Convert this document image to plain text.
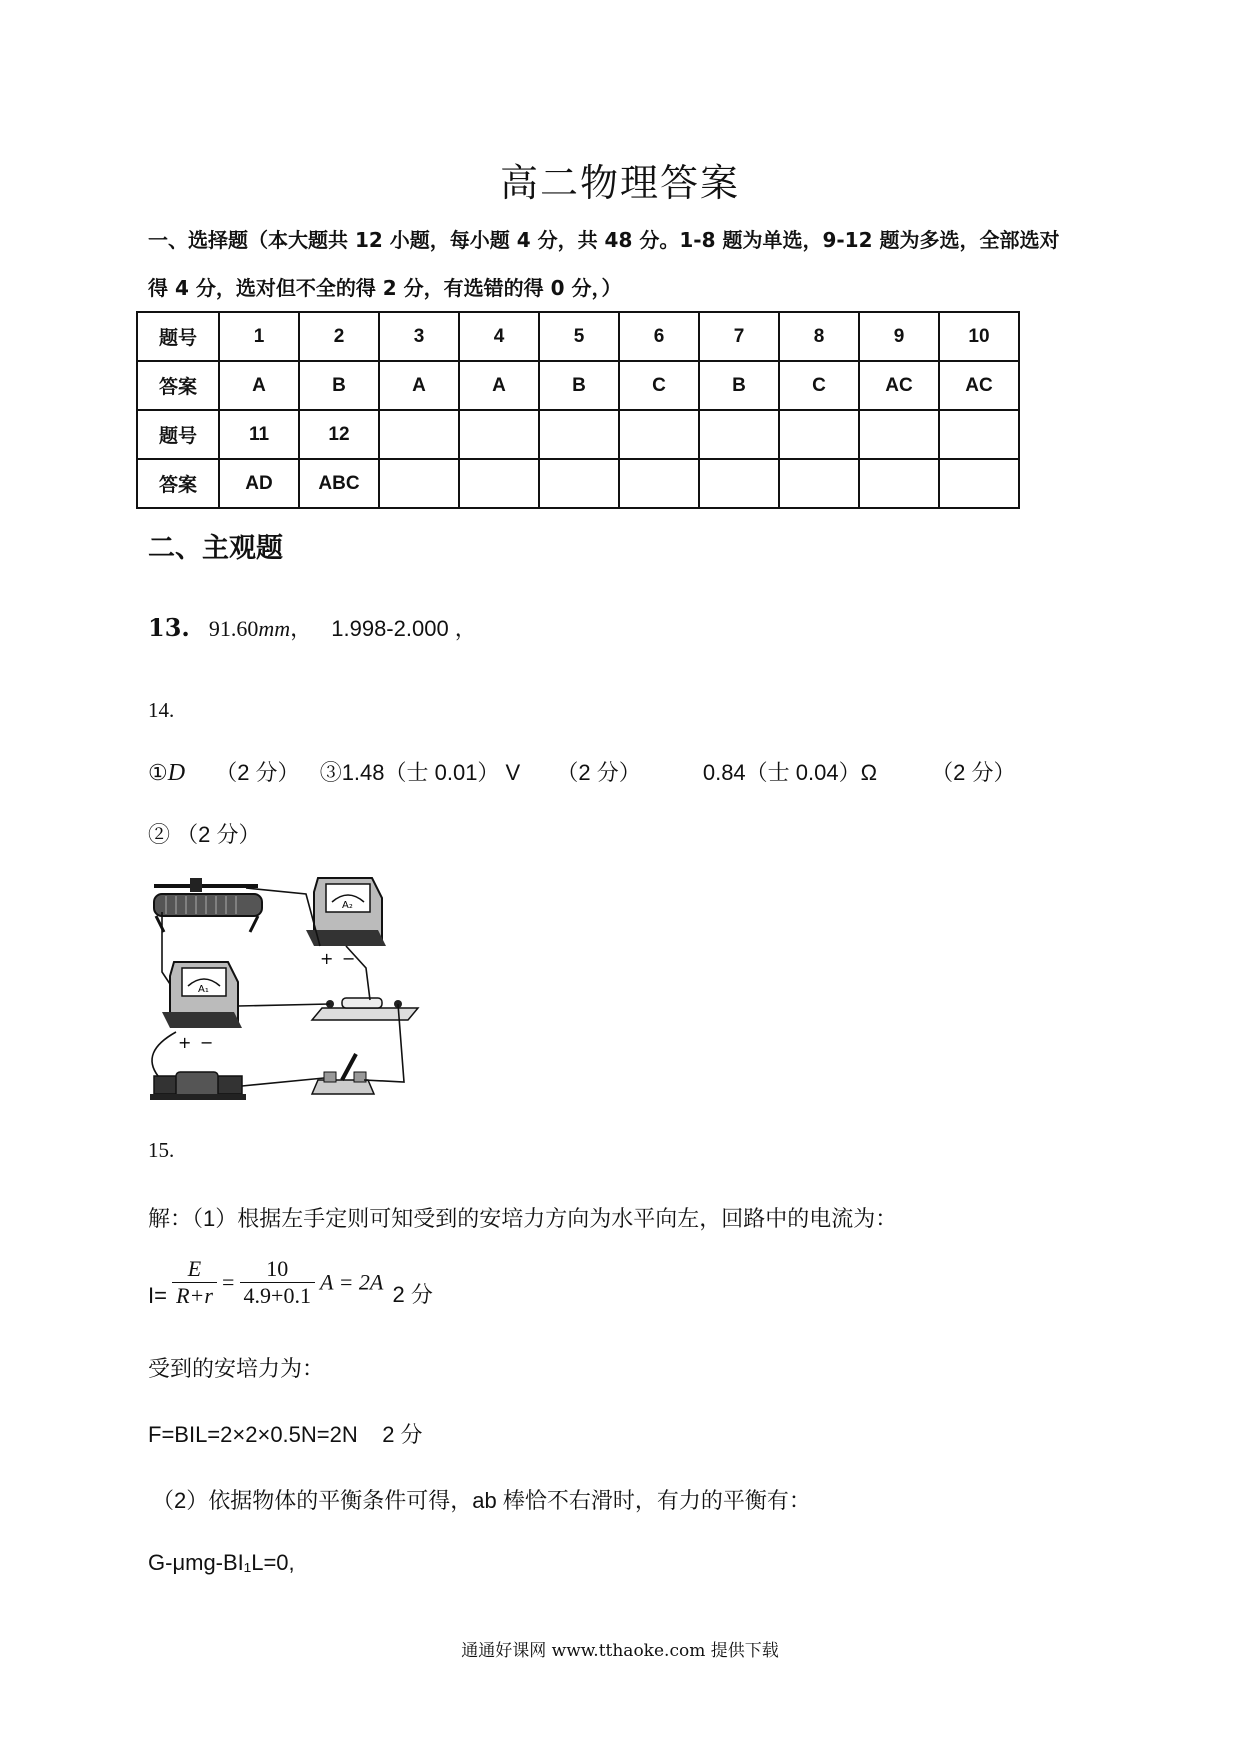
高二物理答案
一、选择题（本大题共 12 小题，每小题 4 分，共 48 分。1-8 题为单选，9-12 题为多选，全部选对
得 4 分，选对但不全的得 2 分，有选错的得 0 分，）
题号	1	2	3	4	5	6	7	8	9	10
答案	A	B	A	A	B	C	B	C	AC	AC
题号	11	12								
答案	AD	ABC								
二、主观题
13. 91.60mm， 1.998-2.000 ，
14.
①D （2 分） ③1.48（士 0.01） V （2 分）	0.84（士 0.04）Ω （2 分）
② （2 分）
A₂
+ −
A₁
+ −
15.
解：（1）根据左手定则可知受到的安培力方向为水平向左，回路中的电流为：
$I= \frac{E}{R+r} = \frac{10}{4.9+0.1}$ A = 2A 2 分
受到的安培力为：
F=BIL=2×2×0.5N=2N    2 分
（2）依据物体的平衡条件可得，ab 棒恰不右滑时，有力的平衡有：
G-μmg-BI₁L=0,
通通好课网 www.tthaoke.com 提供下载
